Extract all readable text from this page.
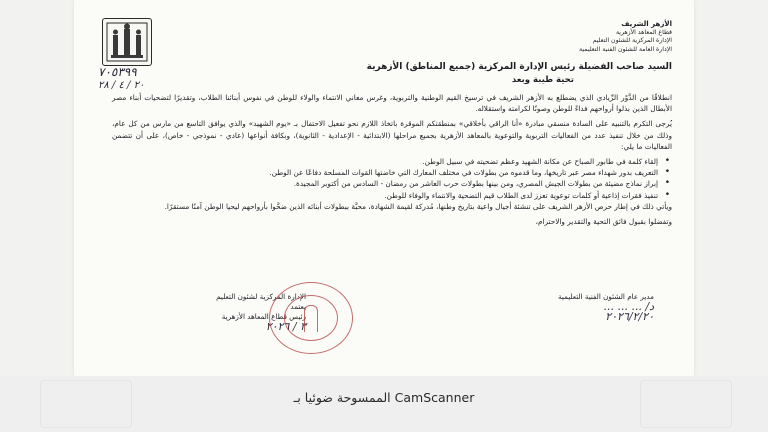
الأزهر الشريف
قطاع المعاهد الأزهرية
الإدارة المركزية للشئون التعليم
الإدارة العامة للشئون الفنية التعليمية
٧٠٥٣٩٩
٢٠ / ٤ / ٢٨
السيد صاحب الفضيلة رئيس الإدارة المركزية (جميع المناطق) الأزهرية
تحية طيبة وبعد

انطلاقًا من الدَّوْر الرِّيادي الذي يضطلع به الأزهر الشريف في ترسيخ القيم الوطنية والتربوية، وغرس معاني الانتماء والولاء للوطن في نفوس أبنائنا الطلاب، وتقديرًا لتضحيات أبناء مصر الأبطال الذين بذلوا أرواحهم فداءً للوطن وصونًا لكرامته واستقلاله.

يُرجى التكرم بالتنبيه على السادة منسقي مبادرة «أنا الراقي بأخلاقي» بمنطقتكم الموقرة باتخاذ اللازم نحو تفعيل الاحتفال بـ «يوم الشهيد» والذي يوافق التاسع من مارس من كل عام، وذلك من خلال تنفيذ عدد من الفعاليات التربوية والتوعوية بالمعاهد الأزهرية بجميع مراحلها (الابتدائية - الإعدادية - الثانوية)، وبكافة أنواعها (عادي - نموذجي - خاص)، على أن تتضمن الفعاليات ما يلي:

• إلقاء كلمة في طابور الصباح عن مكانة الشهيد وعظم تضحيته في سبيل الوطن.
• التعريف بدور شهداء مصر عبر تاريخها، وما قدموه من بطولات في مختلف المعارك التي خاضتها القوات المسلحة دفاعًا عن الوطن.
• إبراز نماذج مضيئة من بطولات الجيش المصري، ومن بينها بطولات حرب العاشر من رمضان - السادس من أكتوبر المجيدة.
• تنفيذ فقرات إذاعية أو كلمات توعوية تعزز لدى الطلاب قيم التضحية والانتماء والوفاء للوطن.

ويأتي ذلك في إطار حرص الأزهر الشريف على تنشئة أجيال واعية بتاريخ وطنها، مُدركة لقيمة الشهادة، محبَّة ببطولات أبنائه الذين ضحَّوا بأرواحهم ليحيا الوطن آمنًا مستقرًا.

وتفضلوا بقبول فائق التحية والتقدير والاحترام،

مدير عام الشئون الفنية التعليمية
د/ ... ... ...
٢٠٢٦/٢/٢٠
الإدارة المركزية لشئون التعليم
يعتمد
رئيس قطاع المعاهد الأزهرية
٣ / ٢٠٢٦
الممسوحة ضوئيا بـ CamScanner
